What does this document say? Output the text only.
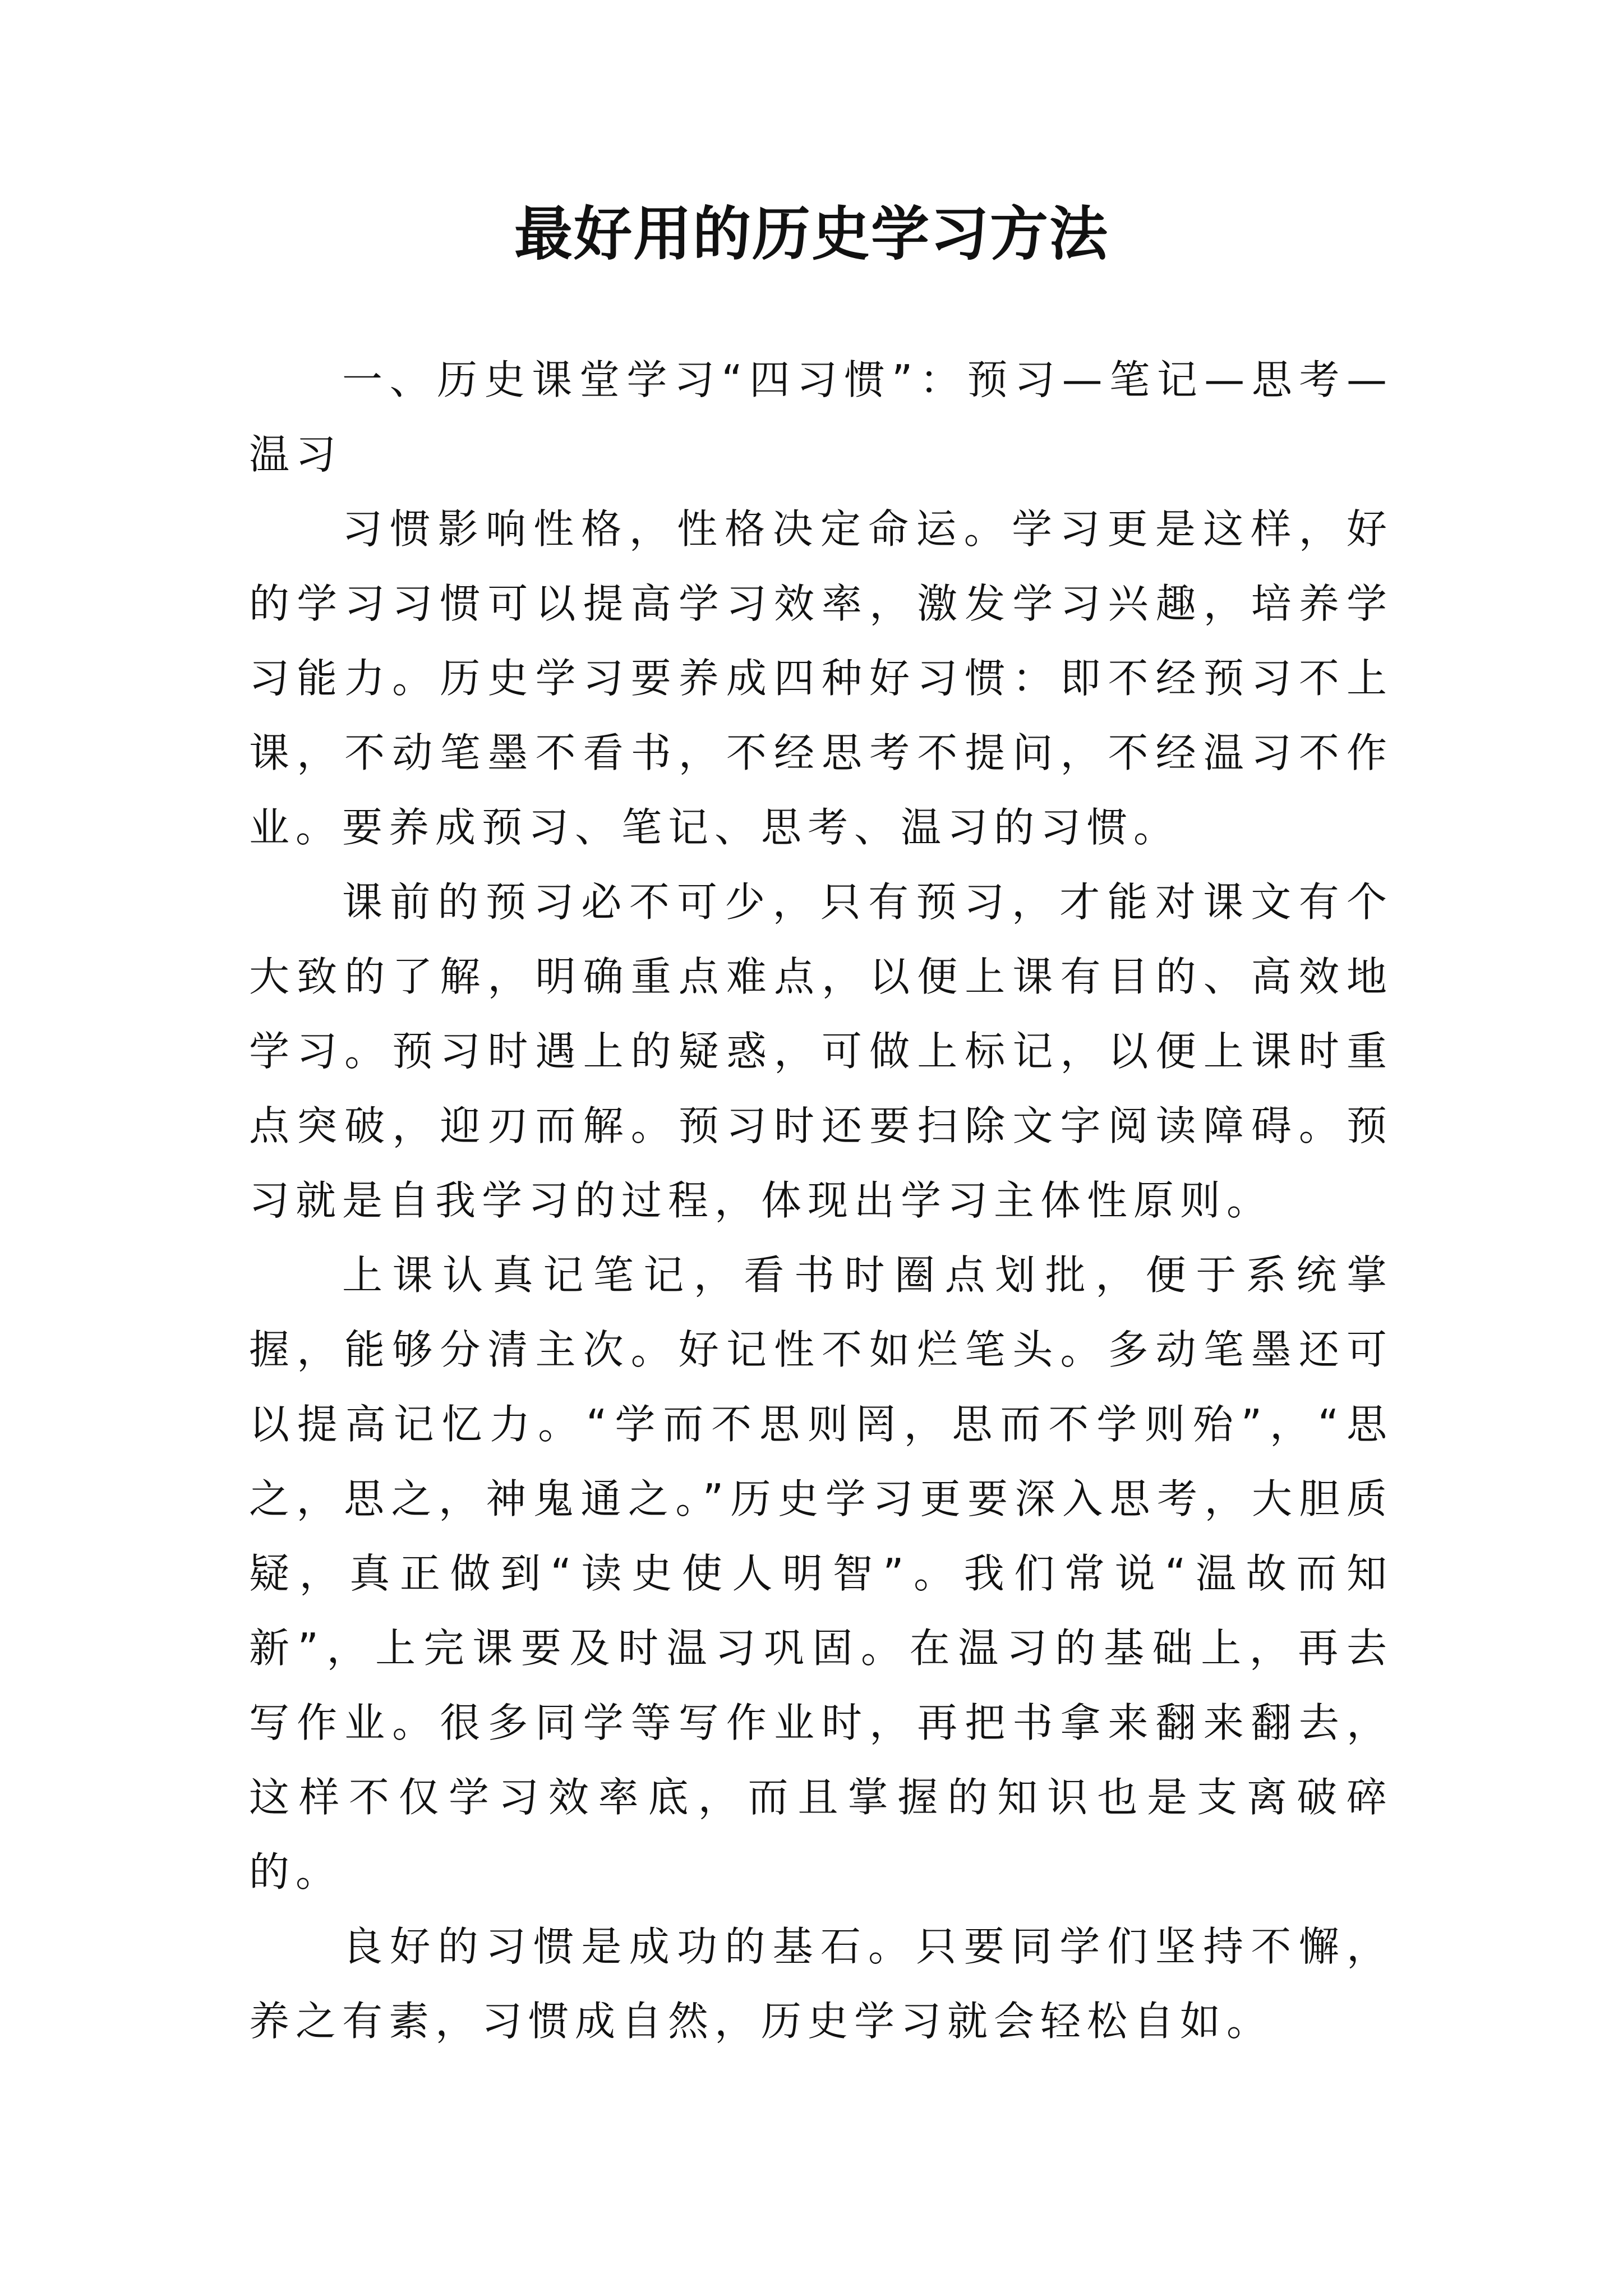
最好用的历史学习方法

一、历史课堂学习“四习惯”：预习—笔记—思考—温习

习惯影响性格，性格决定命运。学习更是这样，好的学习习惯可以提高学习效率，激发学习兴趣，培养学习能力。历史学习要养成四种好习惯：即不经预习不上课，不动笔墨不看书，不经思考不提问，不经温习不作业。要养成预习、笔记、思考、温习的习惯。

课前的预习必不可少，只有预习，才能对课文有个大致的了解，明确重点难点，以便上课有目的、高效地学习。预习时遇上的疑惑，可做上标记，以便上课时重点突破，迎刃而解。预习时还要扫除文字阅读障碍。预习就是自我学习的过程，体现出学习主体性原则。

上课认真记笔记，看书时圈点划批，便于系统掌握，能够分清主次。好记性不如烂笔头。多动笔墨还可以提高记忆力。“学而不思则罔，思而不学则殆”，“思之，思之，神鬼通之。”历史学习更要深入思考，大胆质疑，真正做到“读史使人明智”。我们常说“温故而知新”，上完课要及时温习巩固。在温习的基础上，再去写作业。很多同学等写作业时，再把书拿来翻来翻去，这样不仅学习效率底，而且掌握的知识也是支离破碎的。

良好的习惯是成功的基石。只要同学们坚持不懈，养之有素，习惯成自然，历史学习就会轻松自如。
